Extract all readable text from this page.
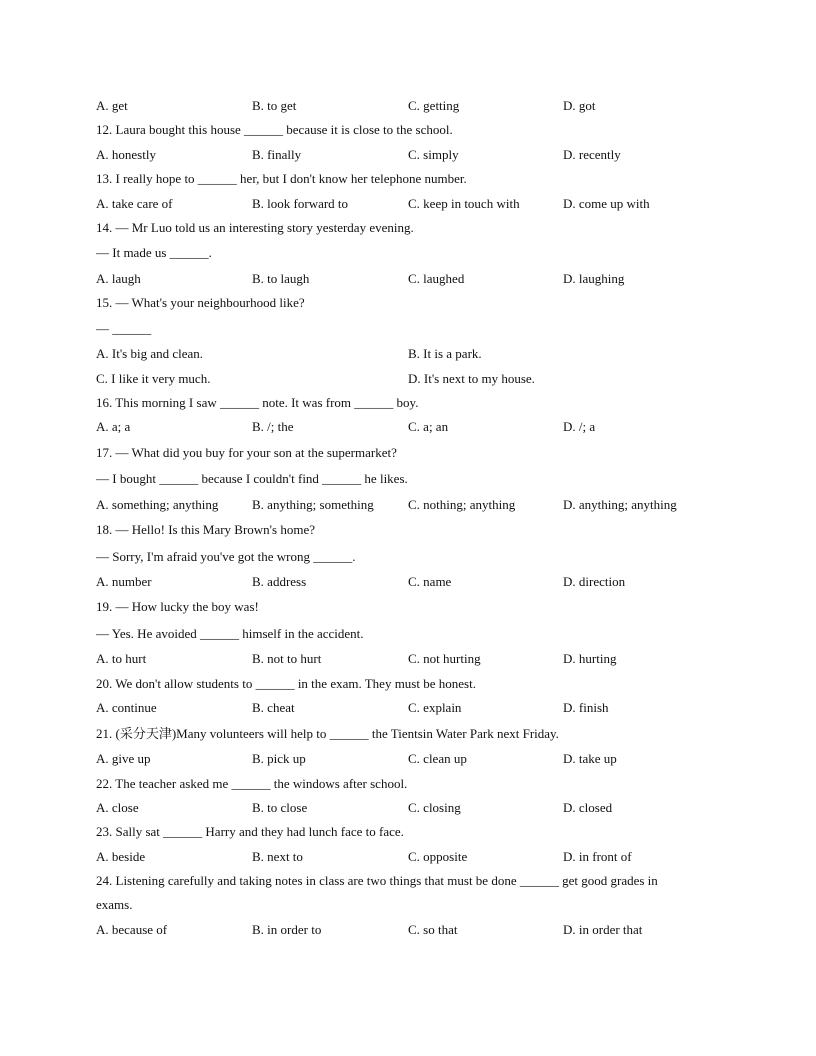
A. get	B. to get	C. getting	D. got
12. Laura bought this house ______ because it is close to the school.
A. honestly	B. finally	C. simply	D. recently
13. I really hope to ______ her, but I don't know her telephone number.
A. take care of	B. look forward to	C. keep in touch with	D. come up with
14. — Mr Luo told us an interesting story yesterday evening.
— It made us ______.
A. laugh	B. to laugh	C. laughed	D. laughing
15. — What's your neighbourhood like?
— ______
A. It's big and clean.	B. It is a park.
C. I like it very much.	D. It's next to my house.
16. This morning I saw ______ note. It was from ______ boy.
A. a; a	B. /; the	C. a; an	D. /; a
17. — What did you buy for your son at the supermarket?
— I bought ______ because I couldn't find ______ he likes.
A. something; anything	B. anything; something	C. nothing; anything	D. anything; anything
18. — Hello! Is this Mary Brown's home?
— Sorry, I'm afraid you've got the wrong ______.
A. number	B. address	C. name	D. direction
19. — How lucky the boy was!
— Yes. He avoided ______ himself in the accident.
A. to hurt	B. not to hurt	C. not hurting	D. hurting
20. We don't allow students to ______ in the exam. They must be honest.
A. continue	B. cheat	C. explain	D. finish
21. (采分天津)Many volunteers will help to ______ the Tientsin Water Park next Friday.
A. give up	B. pick up	C. clean up	D. take up
22. The teacher asked me ______ the windows after school.
A. close	B. to close	C. closing	D. closed
23. Sally sat ______ Harry and they had lunch face to face.
A. beside	B. next to	C. opposite	D. in front of
24. Listening carefully and taking notes in class are two things that must be done ______ get good grades in
exams.
A. because of	B. in order to	C. so that	D. in order that
